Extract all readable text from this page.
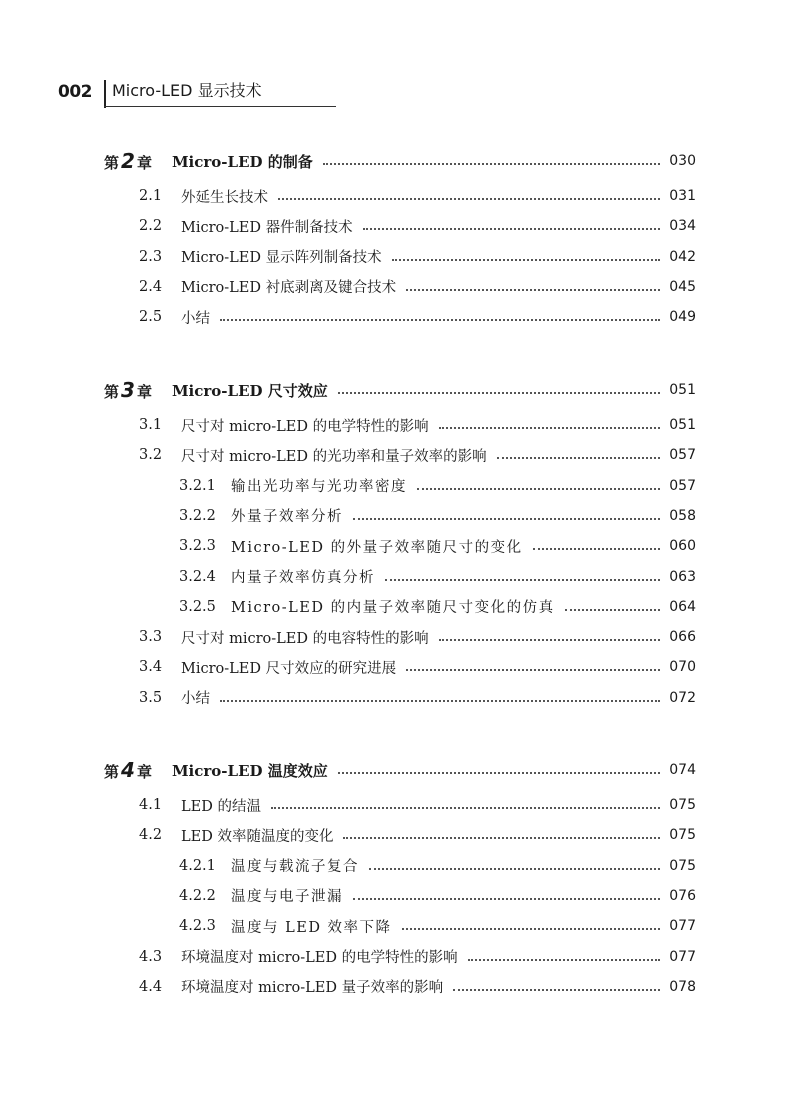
002 Micro-LED 显示技术
第 2 章 Micro-LED 的制备	030
2.1	外延生长技术	031
2.2	Micro-LED 器件制备技术	034
2.3	Micro-LED 显示阵列制备技术	042
2.4	Micro-LED 衬底剥离及键合技术	045
2.5	小结	049
第 3 章 Micro-LED 尺寸效应	051
3.1	尺寸对 micro-LED 的电学特性的影响	051
3.2	尺寸对 micro-LED 的光功率和量子效率的影响	057
3.2.1	输出光功率与光功率密度	057
3.2.2	外量子效率分析	058
3.2.3	Micro-LED 的外量子效率随尺寸的变化	060
3.2.4	内量子效率仿真分析	063
3.2.5	Micro-LED 的内量子效率随尺寸变化的仿真	064
3.3	尺寸对 micro-LED 的电容特性的影响	066
3.4	Micro-LED 尺寸效应的研究进展	070
3.5	小结	072
第 4 章 Micro-LED 温度效应	074
4.1	LED 的结温	075
4.2	LED 效率随温度的变化	075
4.2.1	温度与载流子复合	075
4.2.2	温度与电子泄漏	076
4.2.3	温度与 LED 效率下降	077
4.3	环境温度对 micro-LED 的电学特性的影响	077
4.4	环境温度对 micro-LED 量子效率的影响	078
